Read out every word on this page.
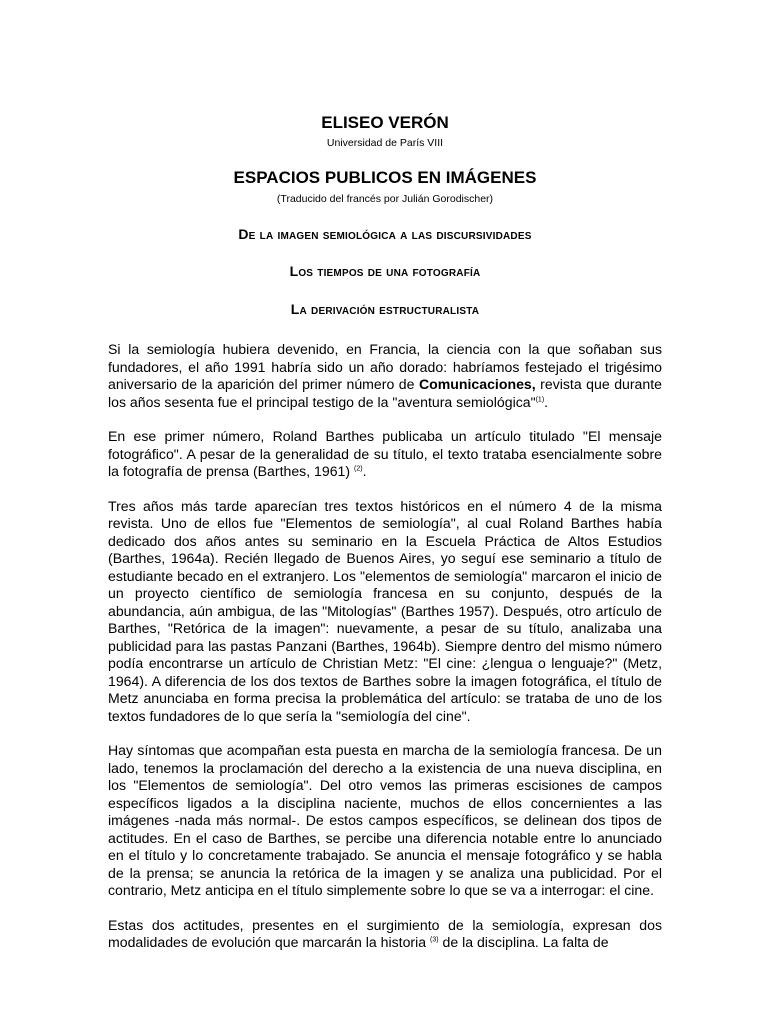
ELISEO VERÓN

Universidad de París VIII

ESPACIOS PUBLICOS EN IMÁGENES

(Traducido del francés por Julián Gorodischer)

De la imagen semiológica a las discursividades

Los tiempos de una fotografía

La derivación estructuralista

Si la semiología hubiera devenido, en Francia, la ciencia con la que soñaban sus fundadores, el año 1991 habría sido un año dorado: habríamos festejado el trigésimo aniversario de la aparición del primer número de Comunicaciones, revista que durante los años sesenta fue el principal testigo de la "aventura semiológica"$^{(1)}$.

En ese primer número, Roland Barthes publicaba un artículo titulado "El mensaje fotográfico". A pesar de la generalidad de su título, el texto trataba esencialmente sobre la fotografía de prensa (Barthes, 1961) $^{(2)}$.

Tres años más tarde aparecían tres textos históricos en el número 4 de la misma revista. Uno de ellos fue "Elementos de semiología", al cual Roland Barthes había dedicado dos años antes su seminario en la Escuela Práctica de Altos Estudios (Barthes, 1964a). Recién llegado de Buenos Aires, yo seguí ese seminario a título de estudiante becado en el extranjero. Los "elementos de semiología" marcaron el inicio de un proyecto científico de semiología francesa en su conjunto, después de la abundancia, aún ambigua, de las "Mitologías" (Barthes 1957). Después, otro artículo de Barthes, "Retórica de la imagen": nuevamente, a pesar de su título, analizaba una publicidad para las pastas Panzani (Barthes, 1964b). Siempre dentro del mismo número podía encontrarse un artículo de Christian Metz: "El cine: ¿lengua o lenguaje?" (Metz, 1964). A diferencia de los dos textos de Barthes sobre la imagen fotográfica, el título de Metz anunciaba en forma precisa la problemática del artículo: se trataba de uno de los textos fundadores de lo que sería la "semiología del cine".

Hay síntomas que acompañan esta puesta en marcha de la semiología francesa. De un lado, tenemos la proclamación del derecho a la existencia de una nueva disciplina, en los "Elementos de semiología". Del otro vemos las primeras escisiones de campos específicos ligados a la disciplina naciente, muchos de ellos concernientes a las imágenes -nada más normal-. De estos campos específicos, se delinean dos tipos de actitudes. En el caso de Barthes, se percibe una diferencia notable entre lo anunciado en el título y lo concretamente trabajado. Se anuncia el mensaje fotográfico y se habla de la prensa; se anuncia la retórica de la imagen y se analiza una publicidad. Por el contrario, Metz anticipa en el título simplemente sobre lo que se va a interrogar: el cine.

Estas dos actitudes, presentes en el surgimiento de la semiología, expresan dos modalidades de evolución que marcarán la historia $^{(3)}$ de la disciplina. La falta de
